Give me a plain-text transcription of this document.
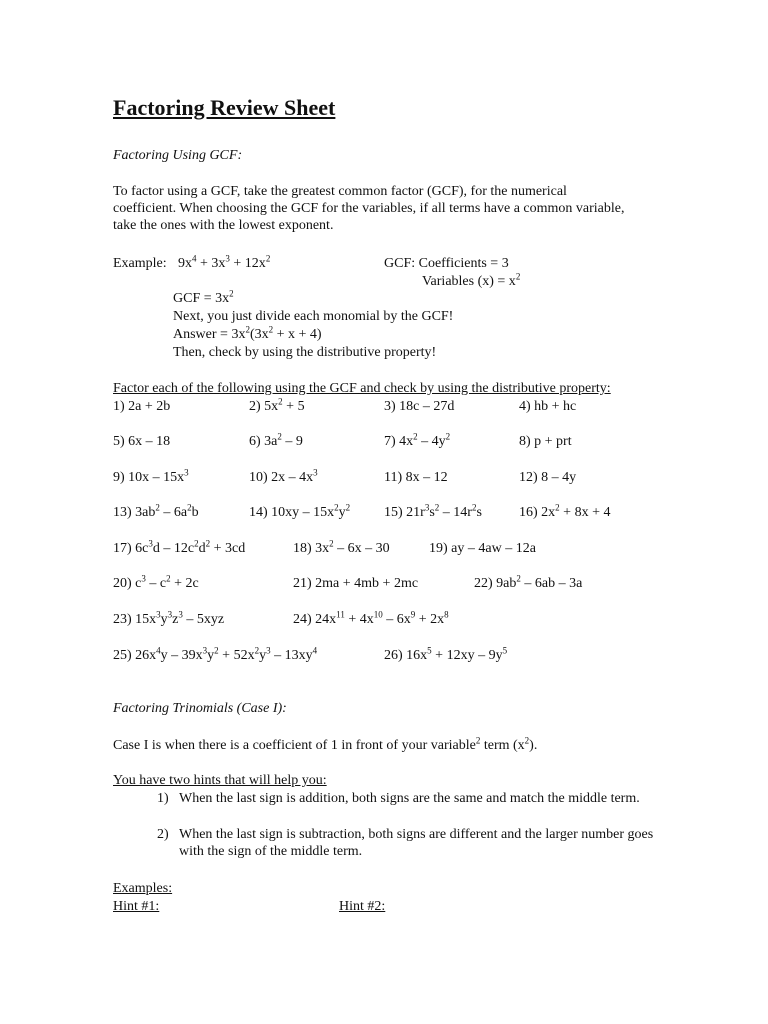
Factoring Review Sheet
Factoring Using GCF:
To factor using a GCF, take the greatest common factor (GCF), for the numerical coefficient. When choosing the GCF for the variables, if all terms have a common variable, take the ones with the lowest exponent.
Example: $9x^4 + 3x^3 + 12x^2$	GCF: Coefficients = 3
Variables $(x) = x^2$
GCF = $3x^2$
Next, you just divide each monomial by the GCF!
Answer = $3x^2(3x^2 + x + 4)$
Then, check by using the distributive property!
Factor each of the following using the GCF and check by using the distributive property:
1) 2a + 2b	2) $5x^2 + 5$	3) 18c – 27d	4) hb + hc
5) 6x – 18	6) $3a^2 - 9$	7) $4x^2 - 4y^2$	8) p + prt
9) $10x - 15x^3$	10) $2x - 4x^3$	11) 8x – 12	12) 8 – 4y
13) $3ab^2 - 6a^2b$	14) $10xy - 15x^2y^2$ 15) $21r^3s^2 - 14r^2s$	16) $2x^2 + 8x + 4$
17) $6c^3d - 12c^2d^2 + 3cd$	18) $3x^2 - 6x - 30$	19) ay – 4aw – 12a
20) $c^3 - c^2 + 2c$	21) 2ma + 4mb + 2mc	22) $9ab^2 - 6ab - 3a$
23) $15x^3y^3z^3 - 5xyz$	24) $24x^{11} + 4x^{10} - 6x^9 + 2x^8$
25) $26x^4y - 39x^3y^2 + 52x^2y^3 - 13xy^4$	26) $16x^5 + 12xy - 9y^5$
Factoring Trinomials (Case I):
Case I is when there is a coefficient of 1 in front of your variable$^2$ term $(x^2)$.
You have two hints that will help you:
1) When the last sign is addition, both signs are the same and match the middle term.
2) When the last sign is subtraction, both signs are different and the larger number goes with the sign of the middle term.
Examples:
Hint #1:	Hint #2:
